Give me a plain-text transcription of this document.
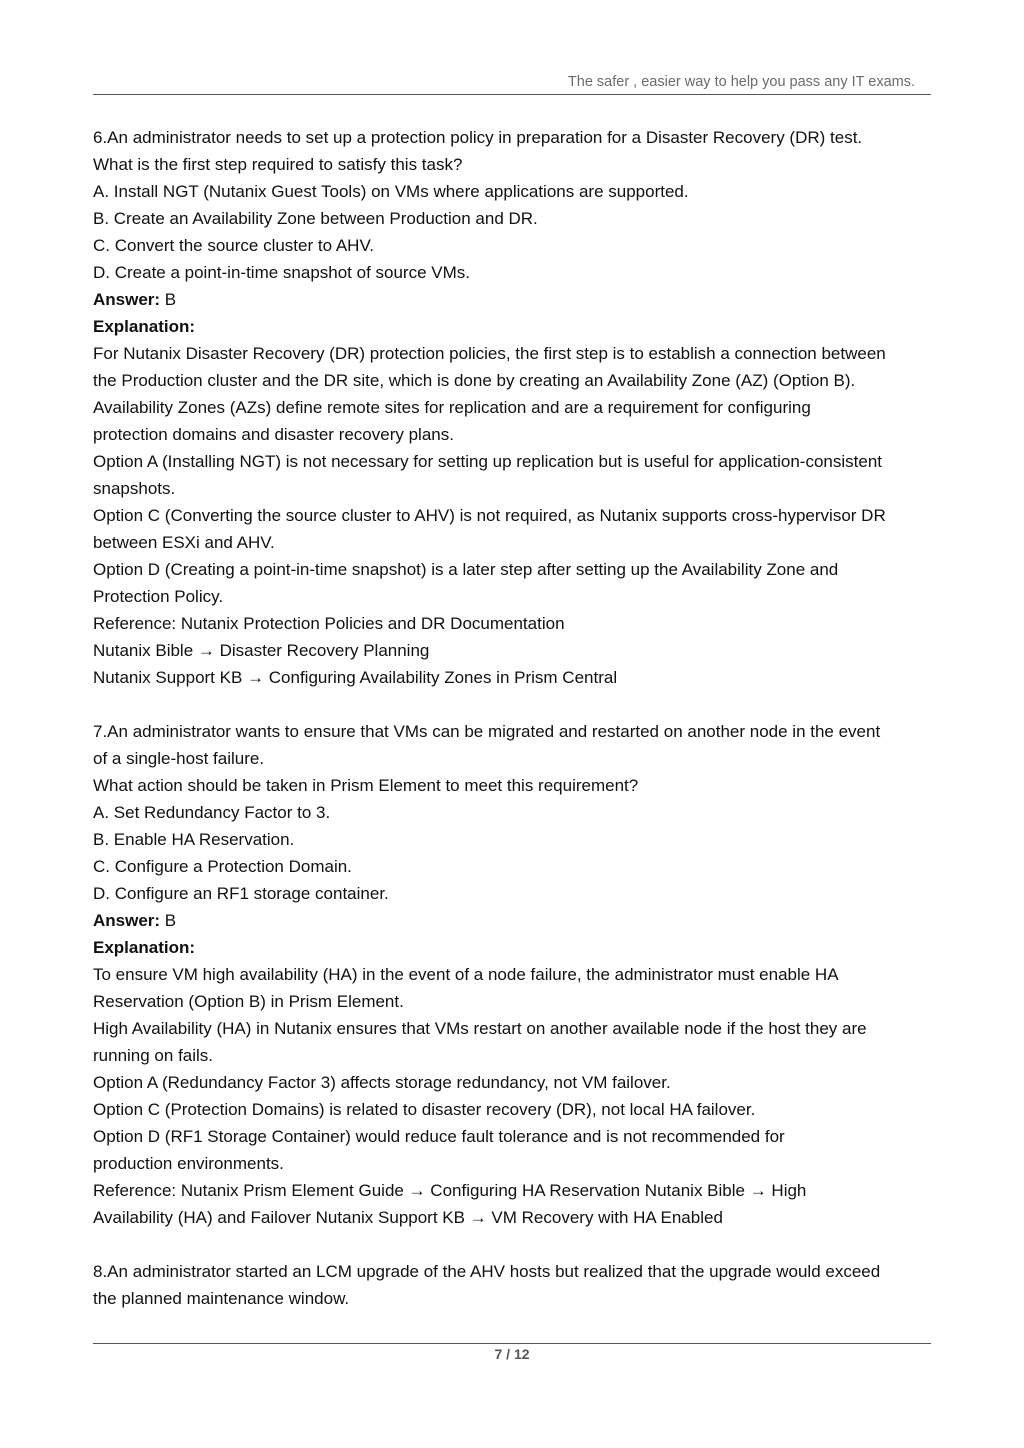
The safer , easier way to help you pass any IT exams.
6.An administrator needs to set up a protection policy in preparation for a Disaster Recovery (DR) test.
What is the first step required to satisfy this task?
A. Install NGT (Nutanix Guest Tools) on VMs where applications are supported.
B. Create an Availability Zone between Production and DR.
C. Convert the source cluster to AHV.
D. Create a point-in-time snapshot of source VMs.
Answer: B
Explanation:
For Nutanix Disaster Recovery (DR) protection policies, the first step is to establish a connection between
the Production cluster and the DR site, which is done by creating an Availability Zone (AZ) (Option B).
Availability Zones (AZs) define remote sites for replication and are a requirement for configuring
protection domains and disaster recovery plans.
Option A (Installing NGT) is not necessary for setting up replication but is useful for application-consistent
snapshots.
Option C (Converting the source cluster to AHV) is not required, as Nutanix supports cross-hypervisor DR
between ESXi and AHV.
Option D (Creating a point-in-time snapshot) is a later step after setting up the Availability Zone and
Protection Policy.
Reference: Nutanix Protection Policies and DR Documentation
Nutanix Bible → Disaster Recovery Planning
Nutanix Support KB → Configuring Availability Zones in Prism Central
7.An administrator wants to ensure that VMs can be migrated and restarted on another node in the event
of a single-host failure.
What action should be taken in Prism Element to meet this requirement?
A. Set Redundancy Factor to 3.
B. Enable HA Reservation.
C. Configure a Protection Domain.
D. Configure an RF1 storage container.
Answer: B
Explanation:
To ensure VM high availability (HA) in the event of a node failure, the administrator must enable HA
Reservation (Option B) in Prism Element.
High Availability (HA) in Nutanix ensures that VMs restart on another available node if the host they are
running on fails.
Option A (Redundancy Factor 3) affects storage redundancy, not VM failover.
Option C (Protection Domains) is related to disaster recovery (DR), not local HA failover.
Option D (RF1 Storage Container) would reduce fault tolerance and is not recommended for
production environments.
Reference: Nutanix Prism Element Guide → Configuring HA Reservation Nutanix Bible → High
Availability (HA) and Failover Nutanix Support KB → VM Recovery with HA Enabled
8.An administrator started an LCM upgrade of the AHV hosts but realized that the upgrade would exceed
the planned maintenance window.
7 / 12
